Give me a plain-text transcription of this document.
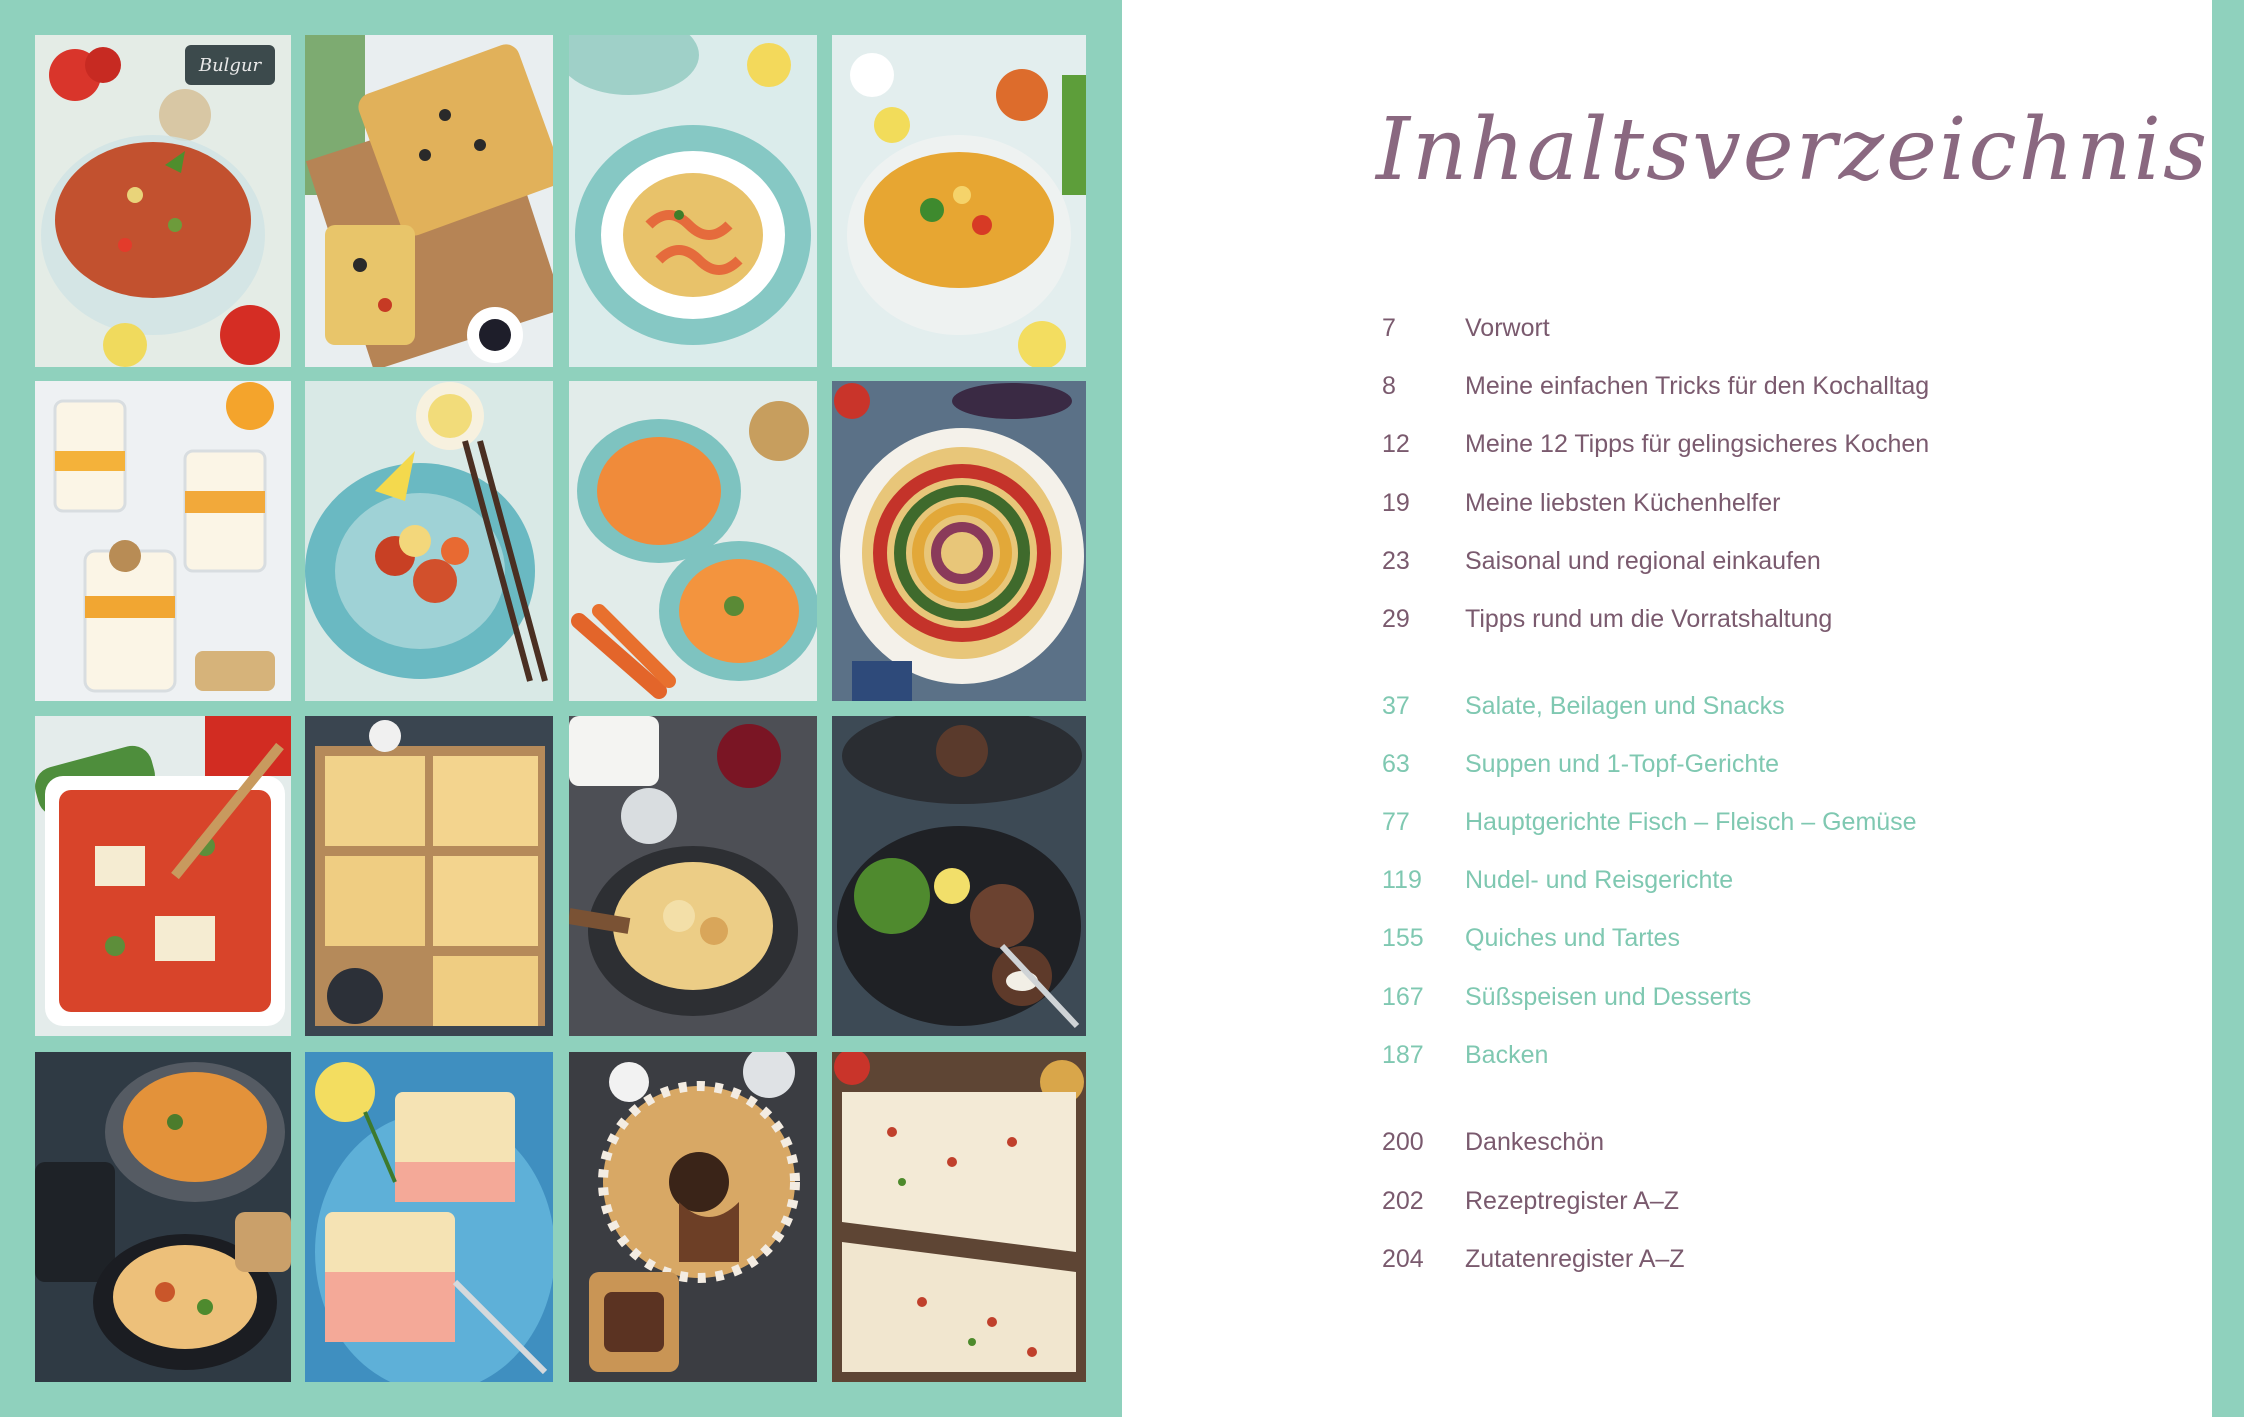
Bulgur
Inhaltsverzeichnis
7	Vorwort
8	Meine einfachen Tricks für den Kochalltag
12 Meine 12 Tipps für gelingsicheres Kochen
19 Meine liebsten Küchenhelfer
23 Saisonal und regional einkaufen
29 Tipps rund um die Vorratshaltung
37 Salate, Beilagen und Snacks
63 Suppen und 1-Topf-Gerichte
77 Hauptgerichte Fisch – Fleisch – Gemüse
119 Nudel- und Reisgerichte
155 Quiches und Tartes
167 Süßspeisen und Desserts
187 Backen
200 Dankeschön
202 Rezeptregister A–Z
204 Zutatenregister A–Z
